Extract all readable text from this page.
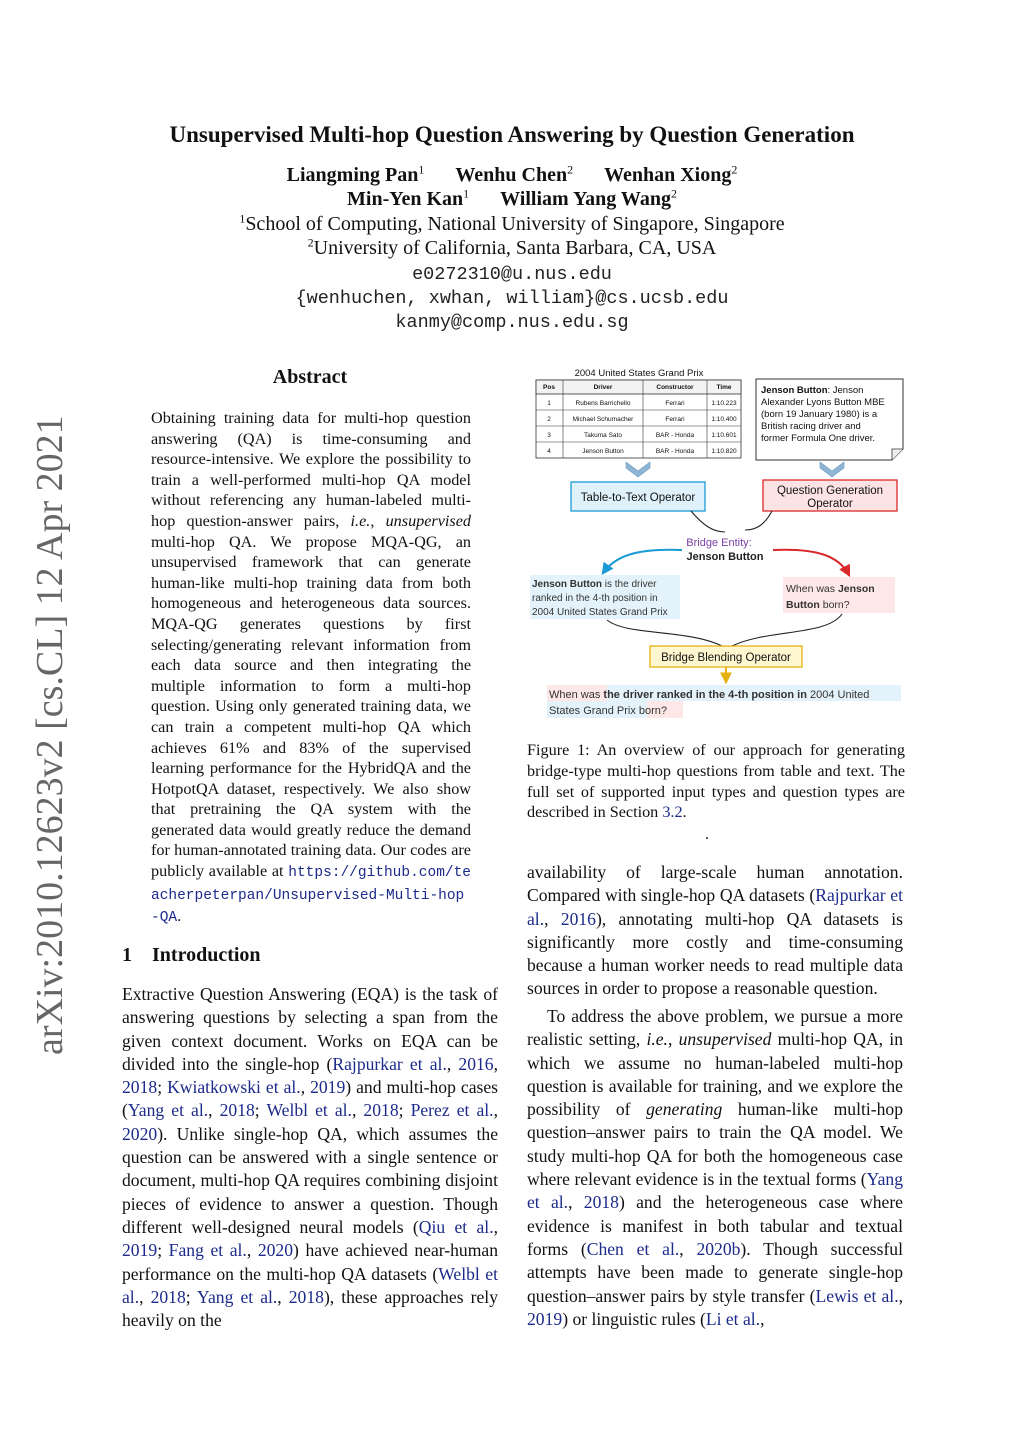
Unsupervised Multi-hop Question Answering by Question Generation
Liangming Pan$^1$ Wenhu Chen$^2$ Wenhan Xiong$^2$
Min-Yen Kan$^1$ William Yang Wang$^2$
$^1$School of Computing, National University of Singapore, Singapore
$^2$University of California, Santa Barbara, CA, USA
e0272310@u.nus.edu
{wenhuchen, xwhan, william}@cs.ucsb.edu
kanmy@comp.nus.edu.sg
arXiv:2010.12623v2 [cs.CL] 12 Apr 2021
Abstract
Obtaining training data for multi-hop question answering (QA) is time-consuming and resource-intensive. We explore the possibility to train a well-performed multi-hop QA model without referencing any human-labeled multi-hop question-answer pairs, i.e., unsupervised multi-hop QA. We propose MQA-QG, an unsupervised framework that can generate human-like multi-hop training data from both homogeneous and heterogeneous data sources. MQA-QG generates questions by first selecting/generating relevant information from each data source and then integrating the multiple information to form a multi-hop question. Using only generated training data, we can train a competent multi-hop QA which achieves 61% and 83% of the supervised learning performance for the HybridQA and the HotpotQA dataset, respectively. We also show that pretraining the QA system with the generated data would greatly reduce the demand for human-annotated training data. Our codes are publicly available at https://github.com/teacherpeterpan/Unsupervised-Multi-hop-QA.
1 Introduction
Extractive Question Answering (EQA) is the task of answering questions by selecting a span from the given context document. Works on EQA can be divided into the single-hop (Rajpurkar et al., 2016, 2018; Kwiatkowski et al., 2019) and multi-hop cases (Yang et al., 2018; Welbl et al., 2018; Perez et al., 2020). Unlike single-hop QA, which assumes the question can be answered with a single sentence or document, multi-hop QA requires combining disjoint pieces of evidence to answer a question. Though different well-designed neural models (Qiu et al., 2019; Fang et al., 2020) have achieved near-human performance on the multi-hop QA datasets (Welbl et al., 2018; Yang et al., 2018), these approaches rely heavily on the
availability of large-scale human annotation. Compared with single-hop QA datasets (Rajpurkar et al., 2016), annotating multi-hop QA datasets is significantly more costly and time-consuming because a human worker needs to read multiple data sources in order to propose a reasonable question.
To address the above problem, we pursue a more realistic setting, i.e., unsupervised multi-hop QA, in which we assume no human-labeled multi-hop question is available for training, and we explore the possibility of generating human-like multi-hop question–answer pairs to train the QA model. We study multi-hop QA for both the homogeneous case where relevant evidence is in the textual forms (Yang et al., 2018) and the heterogeneous case where evidence is manifest in both tabular and textual forms (Chen et al., 2020b). Though successful attempts have been made to generate single-hop question–answer pairs by style transfer (Lewis et al., 2019) or linguistic rules (Li et al.,
2004 United States Grand Prix
Pos	Driver	Constructor	Time
1	Rubens Barrichello	Ferrari	1:10.223
2	Michael Schumacher	Ferrari	1:10.400
3	Takuma Sato	BAR - Honda	1:10.601
4	Jenson Button	BAR - Honda	1:10.820
Jenson Button: Jenson
Alexander Lyons Button MBE
(born 19 January 1980) is a
British racing driver and
former Formula One driver.
Table-to-Text Operator
Question Generation
Operator
Bridge Entity:
Jenson Button
Jenson Button is the driver
ranked in the 4-th position in
2004 United States Grand Prix
When was Jenson
Button born?
Bridge Blending Operator
When was the driver ranked in the 4-th position in 2004 United
States Grand Prix born?
Figure 1: An overview of our approach for generating bridge-type multi-hop questions from table and text. The full set of supported input types and question types are described in Section 3.2.
.
